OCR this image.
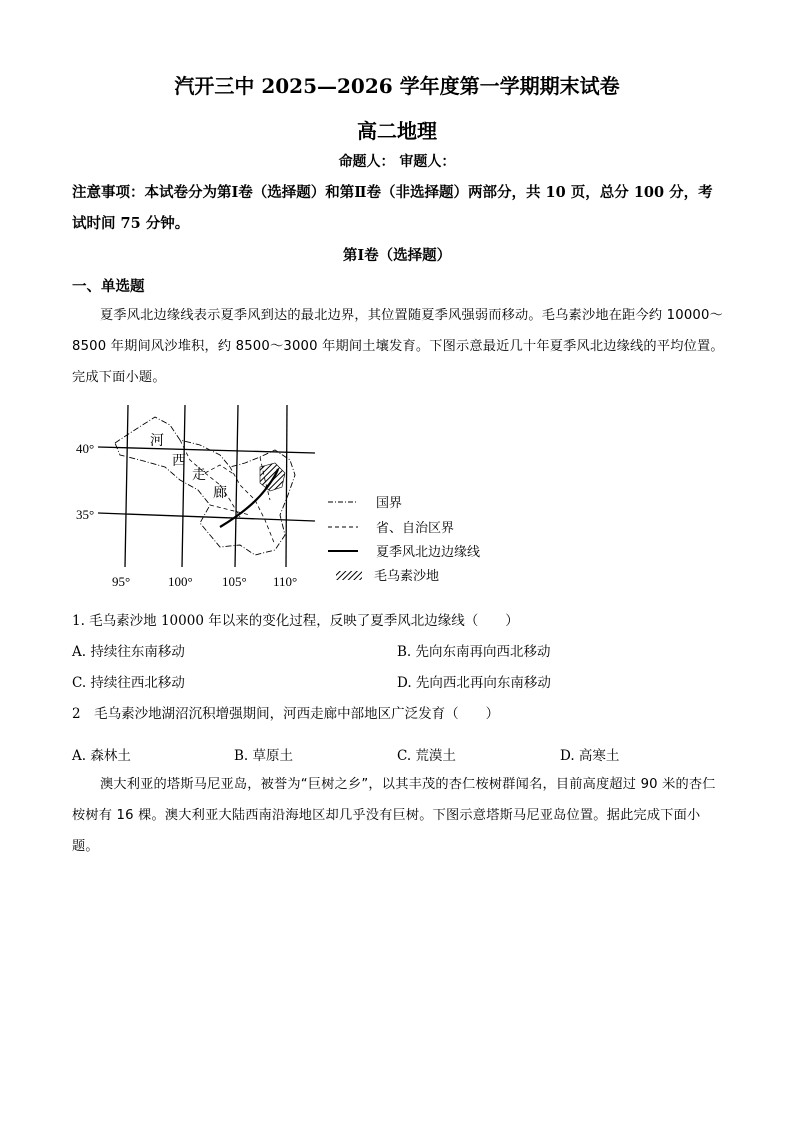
汽开三中 2025—2026 学年度第一学期期末试卷
高二地理
命题人： 审题人：
注意事项：本试卷分为第Ⅰ卷（选择题）和第Ⅱ卷（非选择题）两部分，共 10 页，总分 100 分，考试时间 75 分钟。
第Ⅰ卷（选择题）
一、单选题
夏季风北边缘线表示夏季风到达的最北边界，其位置随夏季风强弱而移动。毛乌素沙地在距今约 10000～8500 年期间风沙堆积，约 8500～3000 年期间土壤发育。下图示意最近几十年夏季风北边缘线的平均位置。完成下面小题。
河
西
走
廊
40°
35°
95°	100° 105° 110°
国界
省、自治区界
夏季风北边边缘线
毛乌素沙地
1. 毛乌素沙地 10000 年以来的变化过程，反映了夏季风北边缘线（　　）
A. 持续往东南移动	B. 先向东南再向西北移动
C. 持续往西北移动	D. 先向西北再向东南移动
2　毛乌素沙地湖沼沉积增强期间，河西走廊中部地区广泛发育（　　）
A. 森林土	B. 草原土	C. 荒漠土	D. 高寒土
澳大利亚的塔斯马尼亚岛，被誉为“巨树之乡”，以其丰茂的杏仁桉树群闻名，目前高度超过 90 米的杏仁桉树有 16 棵。澳大利亚大陆西南沿海地区却几乎没有巨树。下图示意塔斯马尼亚岛位置。据此完成下面小题。
